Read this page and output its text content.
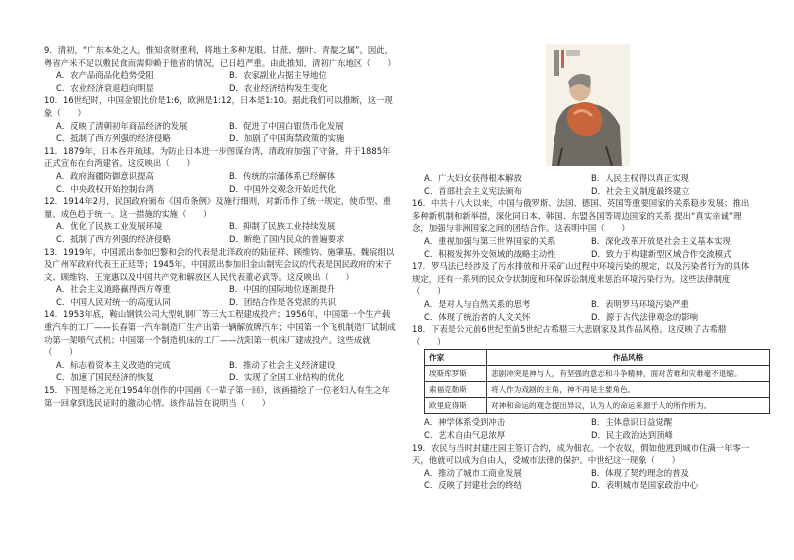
9．清初，“广东本处之人，惟知贪财重利，将地土多种龙眼、甘蔗、烟叶、青靛之属”。因此，粤省产米不足以敷民食而需仰赖于他省的情况，已日趋严重。由此推知，清初广东地区（　　）
A．农产品商品化趋势受阻	B．农家副业占据主导地位
C．农业经济衰退趋向明显	D．农业经济结构发生变化
10．16世纪时，中国金银比价是1:6，欧洲是1:12，日本是1:10。据此我们可以推断，这一现象（　　）
A．反映了清朝初年商品经济的发展	B．促进了中国白银货币化发展
C．抵制了西方列强的经济侵略	D．加剧了中国海禁政策的实施
11．1879年，日本吞并琉球。为防止日本进一步图谋台湾，清政府加强了守备，并于1885年正式宣布在台湾建省。这反映出（　　）
A．政府海疆防御意识提高	B．传统的宗藩体系已经解体
C．中央政权开始控制台湾	D．中国外交观念开始近代化
12．1914年2月，民国政府颁布《国币条例》及施行细则，对新币作了统一规定，使币型、重量、成色趋于统一。这一措施的实施（　　）
A．优化了民族工业发展环境	B．抑制了民族工业持续发展
C．抵制了西方列强的经济侵略	D．断绝了国内民众的普遍要求
13．1919年，中国派出参加巴黎和会的代表是北洋政府的陆征祥、顾维钧、施肇基、魏宸组以及广州军政府代表王正廷等；1945年，中国派出参加旧金山制宪会议的代表是国民政府的宋子文、顾维钧、王宠惠以及中国共产党和解放区人民代表董必武等。这反映出（　　）
A．社会主义道路赢得西方尊重	B．中国的国际地位逐渐提升
C．中国人民对统一的高度认同	D．团结合作是各党派的共识
14．1953年底，鞍山钢铁公司大型轧钢厂等三大工程建成投产；1956年，中国第一个生产载重汽车的工厂——长春第一汽车制造厂生产出第一辆解放牌汽车；中国第一个飞机制造厂试制成功第一架喷气式机；中国第一个制造机床的工厂——沈阳第一机床厂建成投产。这些成就（　　）
A．标志着资本主义改造的完成	B．推动了社会主义经济建设
C．加速了国民经济的恢复	D．实现了全国工业结构的优化
15．下图是杨之光在1954年创作的中国画《一辈子第一回》，该画描绘了一位老妇人有生之年第一回拿到选民证时的激动心情。该作品旨在说明当（　　）
A．广大妇女获得根本解放	B．人民主权得以真正实现
C．首部社会主义宪法颁布	D．社会主义制度最终建立
16．中共十八大以来，中国与俄罗斯、法国、德国、英国等重要国家的关系稳步发展；推出多种新机制和新举措，深化同日本、韩国、东盟各国等周边国家的关系 提出“真实亲诚”理念，加强与非洲国家之间的团结合作。这表明中国（　　）
A．重视加强与第三世界国家的关系	B．深化改革开放是社会主义基本实现
C．积极发挥外交领域的战略主动性	D．致力于构建新型区域合作交流模式
17．罗马法已经涉及了污水排放和开采矿山过程中环境污染的规定，以及污染者行为的具体规定，还有一系列的民众令状制度和环保诉讼制度来惩治环境污染行为。这些法律制度（　　）
A．是对人与自然关系的思考	B．表明罗马环境污染严重
C．体现了统治者的人文关怀	D．源于古代法律观念的影响
18．下表是公元前6世纪至前5世纪古希腊三大悲剧家及其作品风格。这反映了古希腊（　　）
作家	作品风格
埃斯库罗斯	悲剧冲突是神与人，有坚强的意志和斗争精神，面对苦难和灾难毫不退缩。
索福克勒斯	将人作为戏剧的主角，神不再是主要角色。
欧里庇得斯	对神和命运的观念提出异议，认为人的命运来源于人的所作所为。
A．神学体系受到冲击	B．主体意识日益觉醒
C．艺术自由气息浓厚	D．民主政治达到顶峰
19．农民与当时封建庄园主签订合约，成为佃农。一个农奴，假如他逃到城市住满一年零一天，他就可以成为自由人，受城市法律的保护。中世纪这一现象（　　）
A．推动了城市工商业发展	B．体现了契约理念的普及
C．反映了封建社会的终结	D．表明城市是国家政治中心
